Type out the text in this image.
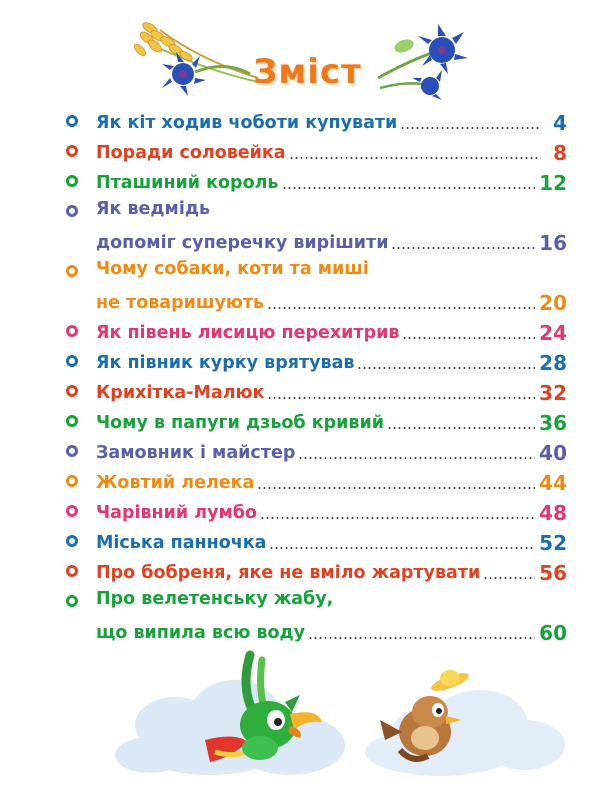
Зміст
Як кіт ходив чоботи купувати	4
Поради соловейка	8
Пташиний король	12
Як ведмідь
допоміг суперечку вирішити	16
Чому собаки, коти та миші
не товаришують	20
Як півень лисицю перехитрив	24
Як півник курку врятував	28
Крихітка-Малюк	32
Чому в папуги дзьоб кривий	36
Замовник і майстер	40
Жовтий лелека	44
Чарівний лумбо	48
Міська панночка	52
Про бобреня, яке не вміло жартувати	56
Про велетенську жабу,
що випила всю воду	60
